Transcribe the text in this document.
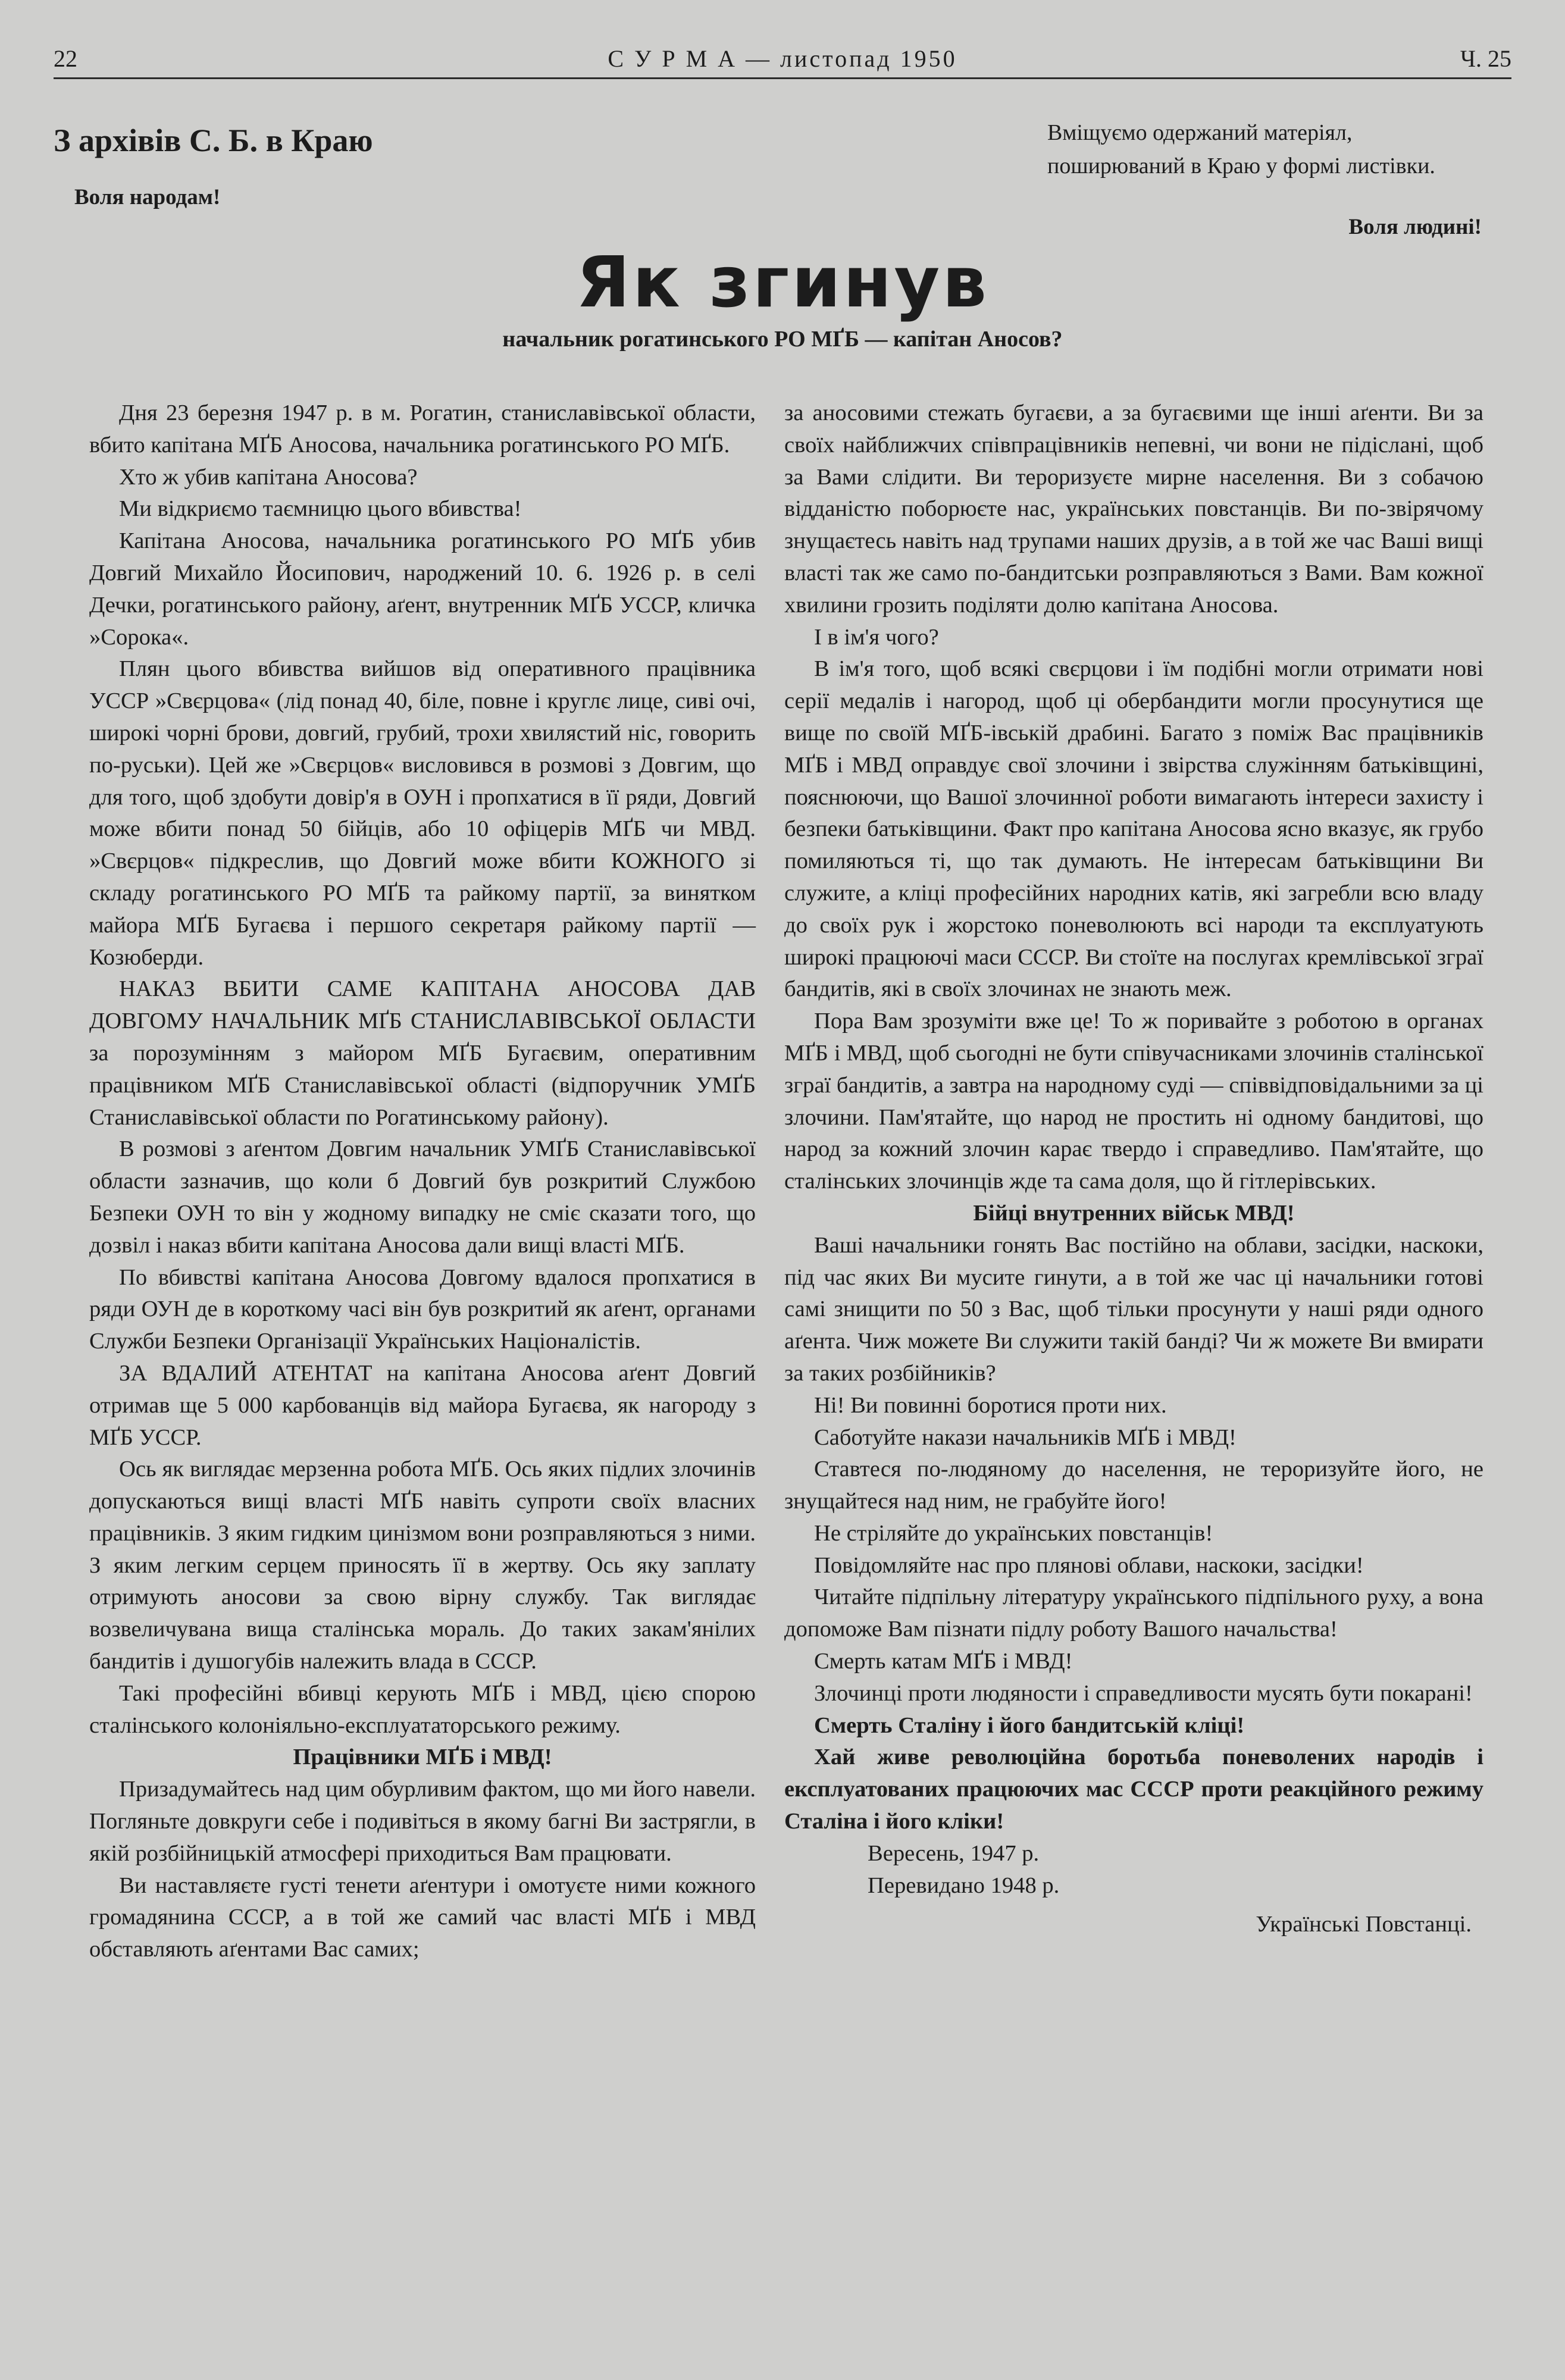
22	С У Р М А — листопад 1950	Ч. 25
З архівів С. Б. в Краю
Воля народам!
Вміщуємо одержаний матеріял, поширюваний в Краю у формі листівки.
Воля людині!
Як згинув
начальник рогатинського РО МҐБ — капітан Аносов?

Дня 23 березня 1947 р. в м. Рогатин, станиславівської области, вбито капітана МҐБ Аносова, начальника рогатинського РО МҐБ.

Хто ж убив капітана Аносова?

Ми відкриємо таємницю цього вбивства!

Капітана Аносова, начальника рогатинського РО МҐБ убив Довгий Михайло Йосипович, народжений 10. 6. 1926 р. в селі Дечки, рогатинського району, аґент, внутренник МҐБ УССР, кличка »Сорока«.

Плян цього вбивства вийшов від оперативного працівника УССР »Свєрцова« (лід понад 40, біле, повне і круглє лице, сиві очі, широкі чорні брови, довгий, грубий, трохи хвилястий ніс, говорить по-руськи). Цей же »Свєрцов« висловився в розмові з Довгим, що для того, щоб здобути довір'я в ОУН і пропхатися в її ряди, Довгий може вбити понад 50 бійців, або 10 офіцерів МҐБ чи МВД. »Свєрцов« підкреслив, що Довгий може вбити КОЖНОГО зі складу рогатинського РО МҐБ та райкому партії, за винятком майора МҐБ Бугаєва і першого секретаря райкому партії — Козюберди.

НАКАЗ ВБИТИ САМЕ КАПІТАНА АНОСОВА ДАВ ДОВГОМУ НАЧАЛЬНИК МҐБ СТАНИСЛАВІВСЬКОЇ ОБЛАСТИ за порозумінням з майором МҐБ Бугаєвим, оперативним працівником МҐБ Станиславівської області (відпоручник УМҐБ Станиславівської области по Рогатинському району).

В розмові з аґентом Довгим начальник УМҐБ Станиславівської области зазначив, що коли б Довгий був розкритий Службою Безпеки ОУН то він у жодному випадку не сміє сказати того, що дозвіл і наказ вбити капітана Аносова дали вищі власті МҐБ.

По вбивстві капітана Аносова Довгому вдалося пропхатися в ряди ОУН де в короткому часі він був розкритий як аґент, органами Служби Безпеки Організації Українських Націоналістів.

ЗА ВДАЛИЙ АТЕНТАТ на капітана Аносова аґент Довгий отримав ще 5 000 карбованців від майора Бугаєва, як нагороду з МҐБ УССР.

Ось як виглядає мерзенна робота МҐБ. Ось яких підлих злочинів допускаються вищі власті МҐБ навіть супроти своїх власних працівників. З яким гидким цинізмом вони розправляються з ними. З яким легким серцем приносять її в жертву. Ось яку заплату отримують аносови за свою вірну службу. Так виглядає возвеличувана вища сталінська мораль. До таких закам'янілих бандитів і душогубів належить влада в СССР.

Такі професійні вбивці керують МҐБ і МВД, цією спорою сталінського колоніяльно-експлуататорського режиму.

Працівники МҐБ і МВД!

Призадумайтесь над цим обурливим фактом, що ми його навели. Погляньте довкруги себе і подивіться в якому багні Ви застрягли, в якій розбійницькій атмосфері приходиться Вам працювати.

Ви наставляєте густі тенети аґентури і омотуєте ними кожного громадянина СССР, а в той же самий час власті МҐБ і МВД обставляють аґентами Вас самих;

за аносовими стежать бугаєви, а за бугаєвими ще інші аґенти. Ви за своїх найближчих співпрацівників непевні, чи вони не підіслані, щоб за Вами слідити. Ви тероризуєте мирне населення. Ви з собачою відданістю поборюєте нас, українських повстанців. Ви по-звірячому знущаєтесь навіть над трупами наших друзів, а в той же час Ваші вищі власті так же само по-бандитськи розправляються з Вами. Вам кожної хвилини грозить поділяти долю капітана Аносова.

І в ім'я чого?

В ім'я того, щоб всякі свєрцови і їм подібні могли отримати нові серії медалів і нагород, щоб ці обербандити могли просунутися ще вище по своїй МҐБ-івській драбині. Багато з поміж Вас працівників МҐБ і МВД оправдує свої злочини і звірства служінням батьківщині, пояснюючи, що Вашої злочинної роботи вимагають інтереси захисту і безпеки батьківщини. Факт про капітана Аносова ясно вказує, як грубо помиляються ті, що так думають. Не інтересам батьківщини Ви служите, а кліці професійних народних катів, які загребли всю владу до своїх рук і жорстоко поневолюють всі народи та експлуатують широкі працюючі маси СССР. Ви стоїте на послугах кремлівської зграї бандитів, які в своїх злочинах не знають меж.

Пора Вам зрозуміти вже це! То ж поривайте з роботою в органах МҐБ і МВД, щоб сьогодні не бути співучасниками злочинів сталінської зграї бандитів, а завтра на народному суді — співвідповідальними за ці злочини. Пам'ятайте, що народ не простить ні одному бандитові, що народ за кожний злочин карає твердо і справедливо. Пам'ятайте, що сталінських злочинців жде та сама доля, що й гітлерівських.

Бійці внутренних військ МВД!

Ваші начальники гонять Вас постійно на облави, засідки, наскоки, під час яких Ви мусите гинути, а в той же час ці начальники готові самі знищити по 50 з Вас, щоб тільки просунути у наші ряди одного аґента. Чиж можете Ви служити такій банді? Чи ж можете Ви вмирати за таких розбійників?

Ні! Ви повинні боротися проти них.

Саботуйте накази начальників МҐБ і МВД!

Ставтеся по-людяному до населення, не тероризуйте його, не знущайтеся над ним, не грабуйте його!

Не стріляйте до українських повстанців!

Повідомляйте нас про плянові облави, наскоки, засідки!

Читайте підпільну літературу українського підпільного руху, а вона допоможе Вам пізнати підлу роботу Вашого начальства!

Смерть катам МҐБ і МВД!

Злочинці проти людяности і справедливости мусять бути покарані!

Смерть Сталіну і його бандитській кліці!

Хай живе революційна боротьба поневолених народів і експлуатованих працюючих мас СССР проти реакційного режиму Сталіна і його кліки!

Вересень, 1947 р.

Перевидано 1948 р.

Українські Повстанці.
